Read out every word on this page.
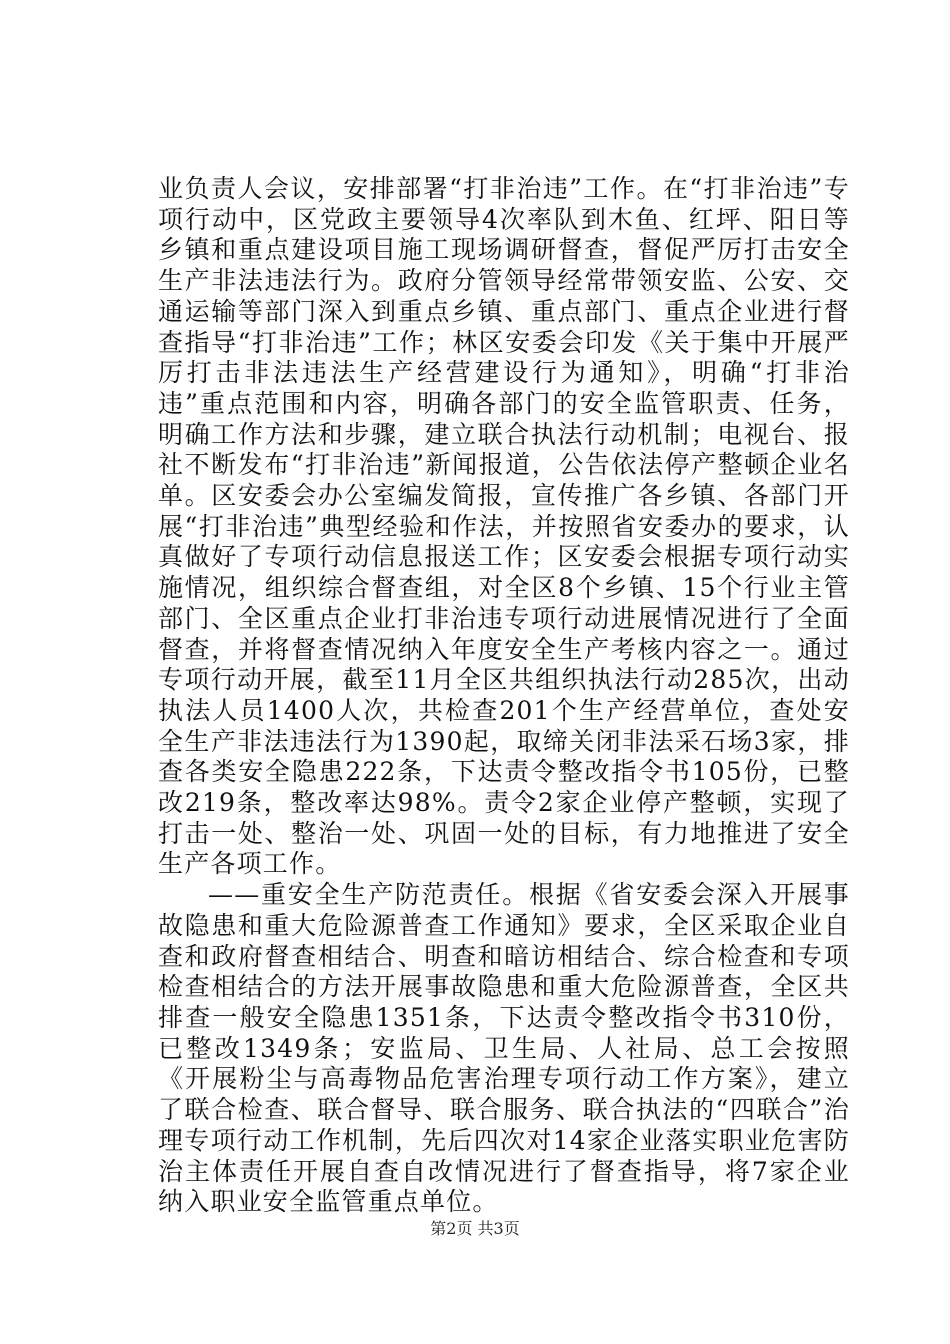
业负责人会议，安排部署“打非治违”工作。在“打非治违”专项行动中，区党政主要领导4次率队到木鱼、红坪、阳日等乡镇和重点建设项目施工现场调研督查，督促严厉打击安全生产非法违法行为。政府分管领导经常带领安监、公安、交通运输等部门深入到重点乡镇、重点部门、重点企业进行督查指导“打非治违”工作；林区安委会印发《关于集中开展严厉打击非法违法生产经营建设行为通知》，明确“打非治违”重点范围和内容，明确各部门的安全监管职责、任务，明确工作方法和步骤，建立联合执法行动机制；电视台、报社不断发布“打非治违”新闻报道，公告依法停产整顿企业名单。区安委会办公室编发简报，宣传推广各乡镇、各部门开展“打非治违”典型经验和作法，并按照省安委办的要求，认真做好了专项行动信息报送工作；区安委会根据专项行动实施情况，组织综合督查组，对全区8个乡镇、15个行业主管部门、全区重点企业打非治违专项行动进展情况进行了全面督查，并将督查情况纳入年度安全生产考核内容之一。通过专项行动开展，截至11月全区共组织执法行动285次，出动执法人员1400人次，共检查201个生产经营单位，查处安全生产非法违法行为1390起，取缔关闭非法采石场3家，排查各类安全隐患222条，下达责令整改指令书105份，已整改219条，整改率达98%。责令2家企业停产整顿，实现了打击一处、整治一处、巩固一处的目标，有力地推进了安全生产各项工作。

——重安全生产防范责任。根据《省安委会深入开展事故隐患和重大危险源普查工作通知》要求，全区采取企业自查和政府督查相结合、明查和暗访相结合、综合检查和专项检查相结合的方法开展事故隐患和重大危险源普查，全区共排查一般安全隐患1351条，下达责令整改指令书310份，已整改1349条；安监局、卫生局、人社局、总工会按照《开展粉尘与高毒物品危害治理专项行动工作方案》，建立了联合检查、联合督导、联合服务、联合执法的“四联合”治理专项行动工作机制，先后四次对14家企业落实职业危害防治主体责任开展自查自改情况进行了督查指导，将7家企业纳入职业安全监管重点单位。

第2页 共3页
